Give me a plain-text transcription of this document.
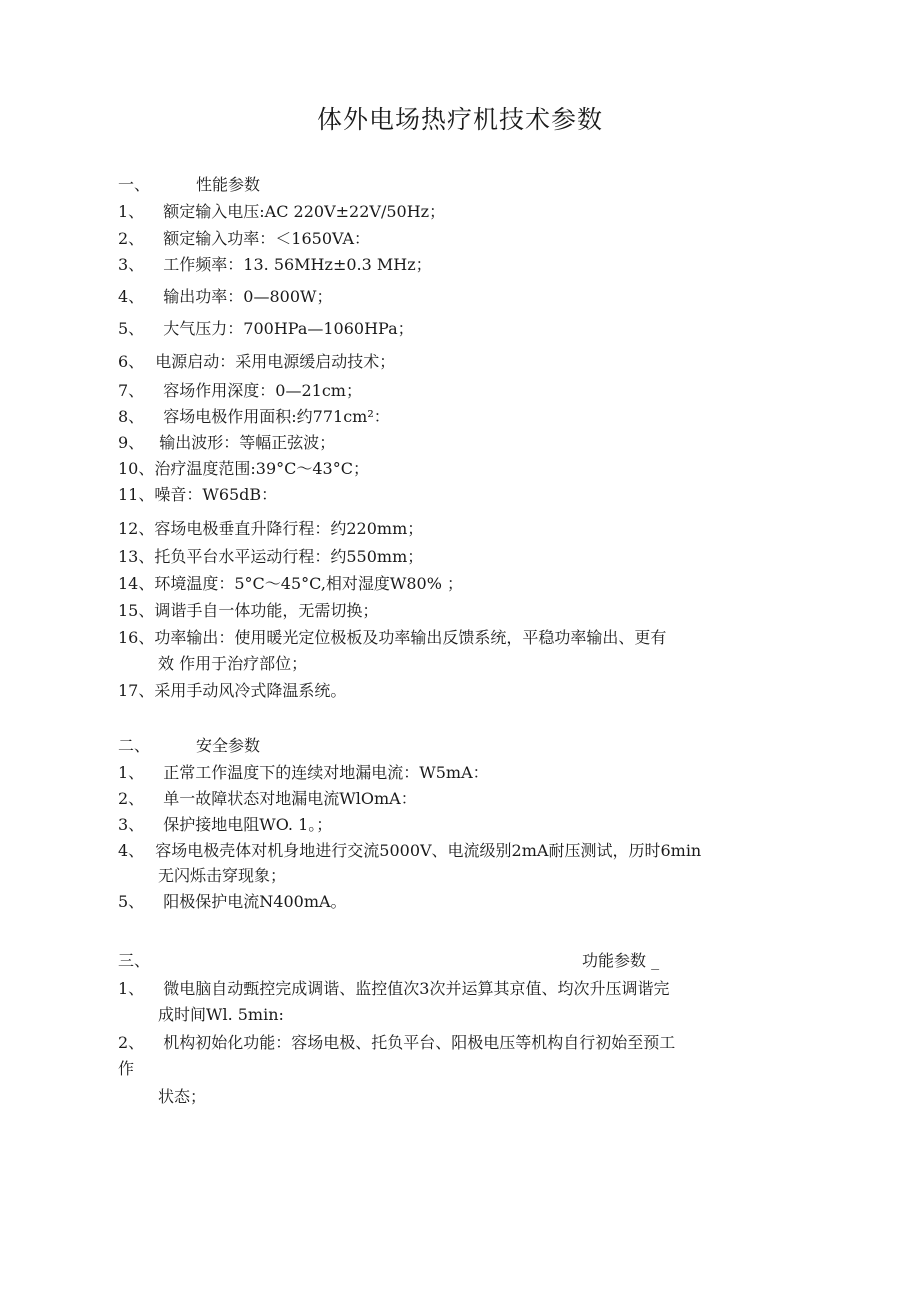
体外电场热疗机技术参数
一、	性能参数
1、 额定输入电压:AC 220V±22V/50Hz；
2、 额定输入功率：＜1650VA：
3、 工作频率：13. 56MHz±0.3 MHz；
4、 输出功率：0—800W；
5、 大气压力：700HPa—1060HPa；
6、 电源启动：采用电源缓启动技术；
7、 容场作用深度：0—21cm；
8、 容场电极作用面积:约771cm²：
9、 输出波形：等幅正弦波；
10、治疗温度范围:39°C～43°C；
11、噪音：W65dB：
12、容场电极垂直升降行程：约220mm；
13、托负平台水平运动行程：约550mm；
14、环境温度：5°C～45°C,相对湿度W80% ；
15、调谐手自一体功能，无需切换；
16、功率输出：使用暖光定位极板及功率输出反馈系统，平稳功率输出、更有
效 作用于治疗部位；
17、采用手动风冷式降温系统。
二、	安全参数
1、 正常工作温度下的连续对地漏电流：W5mA：
2、 单一故障状态对地漏电流WlOmA：
3、 保护接地电阻WO. 1。；
4、 容场电极壳体对机身地进行交流5000V、电流级别2mA耐压测试，历时6min
无闪烁击穿现象；
5、 阳极保护电流N400mA。
三、	功能参数 _
1、 微电脑自动甄控完成调谐、监控值次3次并运算其京值、均次升压调谐完
成时间Wl. 5min:
2、 机构初始化功能：容场电极、托负平台、阳极电压等机构自行初始至预工
作
状态；
